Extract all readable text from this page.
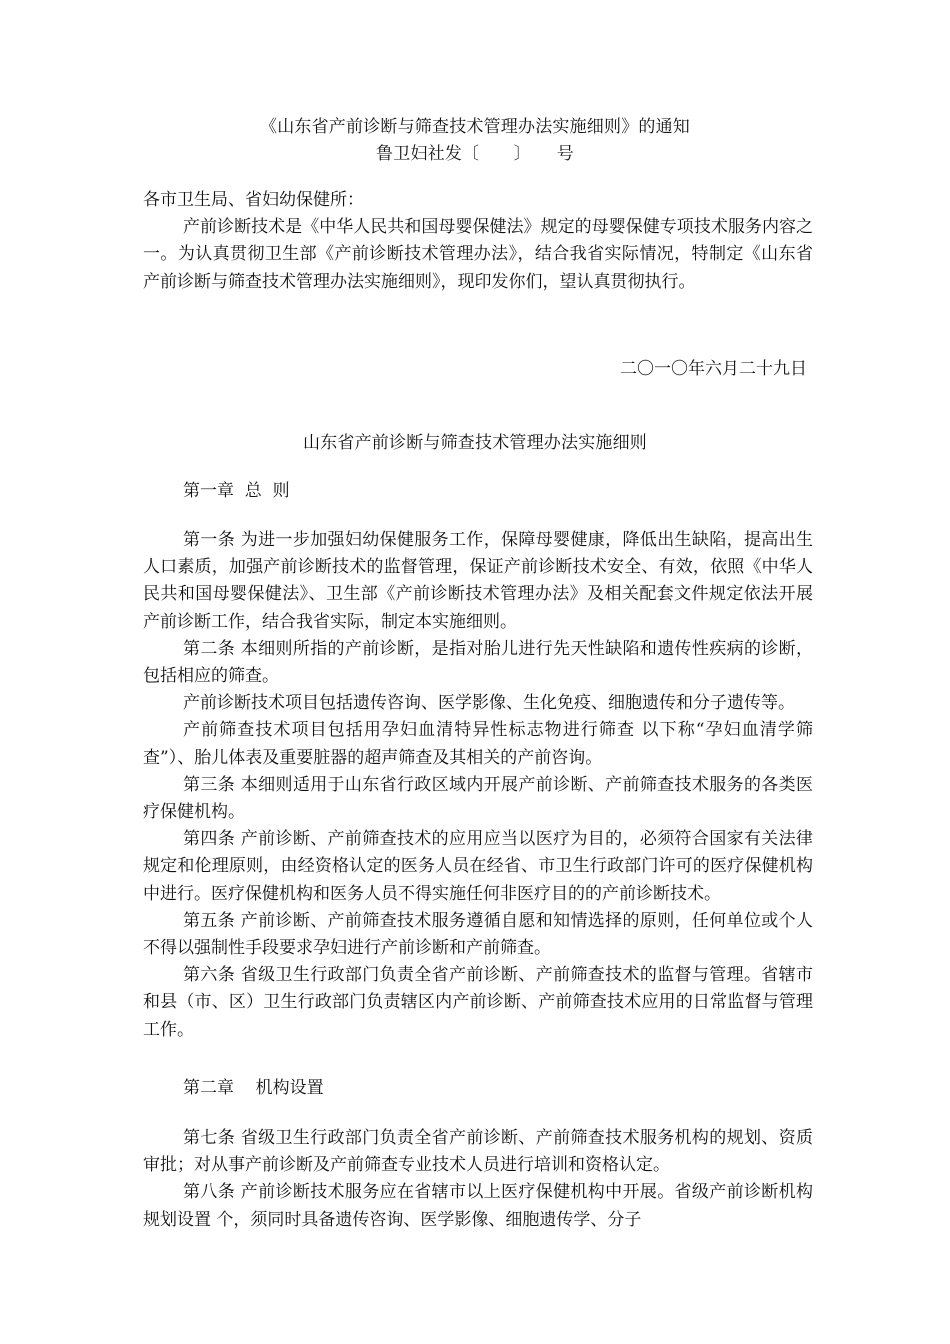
《山东省产前诊断与筛查技术管理办法实施细则》的通知
鲁卫妇社发〔　　〕　　号

各市卫生局、省妇幼保健所：

产前诊断技术是《中华人民共和国母婴保健法》规定的母婴保健专项技术服务内容之一。为认真贯彻卫生部《产前诊断技术管理办法》，结合我省实际情况，特制定《山东省产前诊断与筛查技术管理办法实施细则》，现印发你们，望认真贯彻执行。

二〇一〇年六月二十九日
山东省产前诊断与筛查技术管理办法实施细则
第一章  总  则

第一条 为进一步加强妇幼保健服务工作，保障母婴健康，降低出生缺陷，提高出生人口素质，加强产前诊断技术的监督管理，保证产前诊断技术安全、有效，依照《中华人民共和国母婴保健法》、卫生部《产前诊断技术管理办法》及相关配套文件规定依法开展产前诊断工作，结合我省实际，制定本实施细则。

第二条 本细则所指的产前诊断，是指对胎儿进行先天性缺陷和遗传性疾病的诊断，包括相应的筛查。

产前诊断技术项目包括遗传咨询、医学影像、生化免疫、细胞遗传和分子遗传等。

产前筛查技术项目包括用孕妇血清特异性标志物进行筛查 以下称“孕妇血清学筛查”）、胎儿体表及重要脏器的超声筛查及其相关的产前咨询。

第三条 本细则适用于山东省行政区域内开展产前诊断、产前筛查技术服务的各类医疗保健机构。

第四条 产前诊断、产前筛查技术的应用应当以医疗为目的，必须符合国家有关法律规定和伦理原则，由经资格认定的医务人员在经省、市卫生行政部门许可的医疗保健机构中进行。医疗保健机构和医务人员不得实施任何非医疗目的的产前诊断技术。

第五条 产前诊断、产前筛查技术服务遵循自愿和知情选择的原则，任何单位或个人不得以强制性手段要求孕妇进行产前诊断和产前筛查。

第六条 省级卫生行政部门负责全省产前诊断、产前筛查技术的监督与管理。省辖市和县（市、区）卫生行政部门负责辖区内产前诊断、产前筛查技术应用的日常监督与管理工作。

第二章    机构设置

第七条 省级卫生行政部门负责全省产前诊断、产前筛查技术服务机构的规划、资质审批；对从事产前诊断及产前筛查专业技术人员进行培训和资格认定。

第八条 产前诊断技术服务应在省辖市以上医疗保健机构中开展。省级产前诊断机构规划设置 个，须同时具备遗传咨询、医学影像、细胞遗传学、分子
